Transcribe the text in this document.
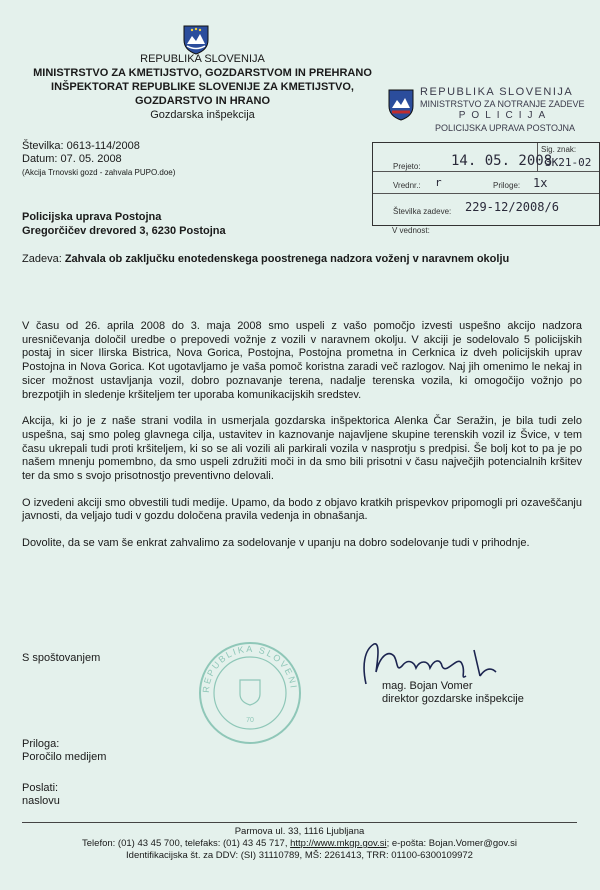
REPUBLIKA SLOVENIJA
MINISTRSTVO ZA KMETIJSTVO, GOZDARSTVOM IN PREHRANO
INŠPEKTORAT REPUBLIKE SLOVENIJE ZA KMETIJSTVO,
GOZDARSTVO IN HRANO
Gozdarska inšpekcija
REPUBLIKA SLOVENIJA
MINISTRSTVO ZA NOTRANJE ZADEVE
POLICIJA
POLICIJSKA UPRAVA POSTOJNA
Številka: 0613-114/2008
Datum: 07. 05. 2008
(Akcija Trnovski gozd - zahvala PUPO.doe)
Prejeto: 14. 05. 2008
Sig. znak:
3K21-02
Vrednr.: r	Priloge: 1x
Številka zadeve: 229-12/2008/6
V vednost:
Policijska uprava Postojna
Gregorčičev drevored 3, 6230 Postojna
Zadeva: Zahvala ob zaključku enotedenskega poostrenega nadzora voženj v naravnem okolju

V času od 26. aprila 2008 do 3. maja 2008 smo uspeli z vašo pomočjo izvesti uspešno akcijo nadzora uresničevanja določil uredbe o prepovedi vožnje z vozili v naravnem okolju. V akciji je sodelovalo 5 policijskih postaj in sicer Ilirska Bistrica, Nova Gorica, Postojna, Postojna prometna in Cerknica iz dveh policijskih uprav Postojna in Nova Gorica. Kot ugotavljamo je vaša pomoč koristna zaradi več razlogov. Naj jih omenimo le nekaj in sicer možnost ustavljanja vozil, dobro poznavanje terena, nadalje terenska vozila, ki omogočijo vožnjo po brezpotjih in sledenje kršiteljem ter uporaba komunikacijskih sredstev.

Akcija, ki jo je z naše strani vodila in usmerjala gozdarska inšpektorica Alenka Čar Seražin, je bila tudi zelo uspešna, saj smo poleg glavnega cilja, ustavitev in kaznovanje najavljene skupine terenskih vozil iz Švice, v tem času ukrepali tudi proti kršiteljem, ki so se ali vozili ali parkirali vozila v nasprotju s predpisi. Še bolj kot to pa je po našem mnenju pomembno, da smo uspeli združiti moči in da smo bili prisotni v času največjih potencialnih kršitev ter da smo s svojo prisotnostjo preventivno delovali.

O izvedeni akciji smo obvestili tudi medije. Upamo, da bodo z objavo kratkih prispevkov pripomogli pri ozaveščanju javnosti, da veljajo tudi v gozdu določena pravila vedenja in obnašanja.

Dovolite, da se vam še enkrat zahvalimo za sodelovanje v upanju na dobro sodelovanje tudi v prihodnje.

S spoštovanjem
REPUBLIKA SLOVENI
70
mag. Bojan Vomer
direktor gozdarske inšpekcije
Priloga:
Poročilo medijem
Poslati:
naslovu
Parmova ul. 33, 1116 Ljubljana
Telefon: (01) 43 45 700, telefaks: (01) 43 45 717, http://www.mkgp.gov.si; e-pošta: Bojan.Vomer@gov.si
Identifikacijska št. za DDV: (SI) 31110789, MŠ: 2261413, TRR: 01100-6300109972
